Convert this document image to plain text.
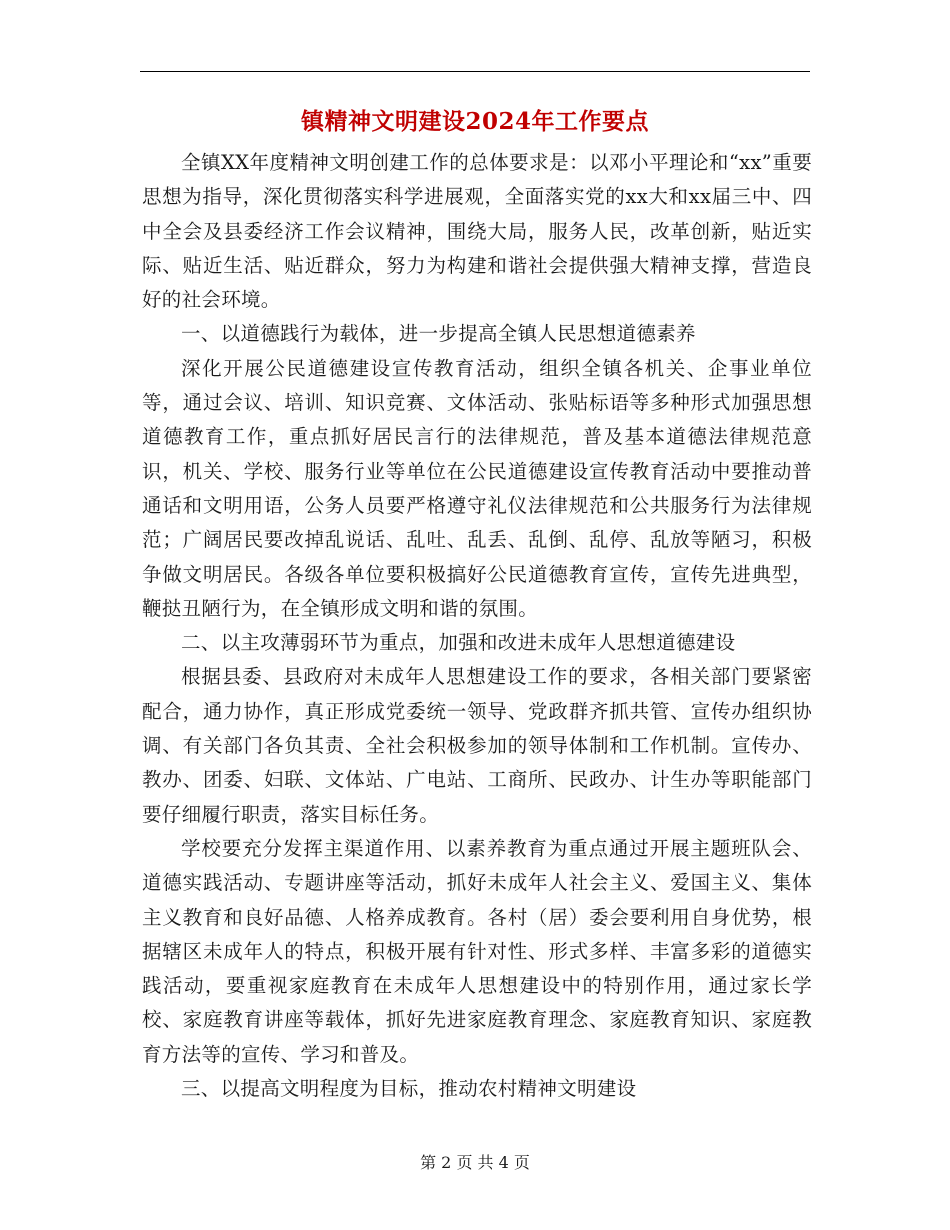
镇精神文明建设2024年工作要点

全镇XX年度精神文明创建工作的总体要求是：以邓小平理论和“xx”重要思想为指导，深化贯彻落实科学进展观，全面落实党的xx大和xx届三中、四中全会及县委经济工作会议精神，围绕大局，服务人民，改革创新，贴近实际、贴近生活、贴近群众，努力为构建和谐社会提供强大精神支撑，营造良好的社会环境。

一、以道德践行为载体，进一步提高全镇人民思想道德素养

深化开展公民道德建设宣传教育活动，组织全镇各机关、企事业单位等，通过会议、培训、知识竞赛、文体活动、张贴标语等多种形式加强思想道德教育工作，重点抓好居民言行的法律规范，普及基本道德法律规范意识，机关、学校、服务行业等单位在公民道德建设宣传教育活动中要推动普通话和文明用语，公务人员要严格遵守礼仪法律规范和公共服务行为法律规范；广阔居民要改掉乱说话、乱吐、乱丢、乱倒、乱停、乱放等陋习，积极争做文明居民。各级各单位要积极搞好公民道德教育宣传，宣传先进典型，鞭挞丑陋行为，在全镇形成文明和谐的氛围。

二、以主攻薄弱环节为重点，加强和改进未成年人思想道德建设

根据县委、县政府对未成年人思想建设工作的要求，各相关部门要紧密配合，通力协作，真正形成党委统一领导、党政群齐抓共管、宣传办组织协调、有关部门各负其责、全社会积极参加的领导体制和工作机制。宣传办、教办、团委、妇联、文体站、广电站、工商所、民政办、计生办等职能部门要仔细履行职责，落实目标任务。

学校要充分发挥主渠道作用、以素养教育为重点通过开展主题班队会、道德实践活动、专题讲座等活动，抓好未成年人社会主义、爱国主义、集体主义教育和良好品德、人格养成教育。各村（居）委会要利用自身优势，根据辖区未成年人的特点，积极开展有针对性、形式多样、丰富多彩的道德实践活动，要重视家庭教育在未成年人思想建设中的特别作用，通过家长学校、家庭教育讲座等载体，抓好先进家庭教育理念、家庭教育知识、家庭教育方法等的宣传、学习和普及。

三、以提高文明程度为目标，推动农村精神文明建设

第 2 页 共 4 页
